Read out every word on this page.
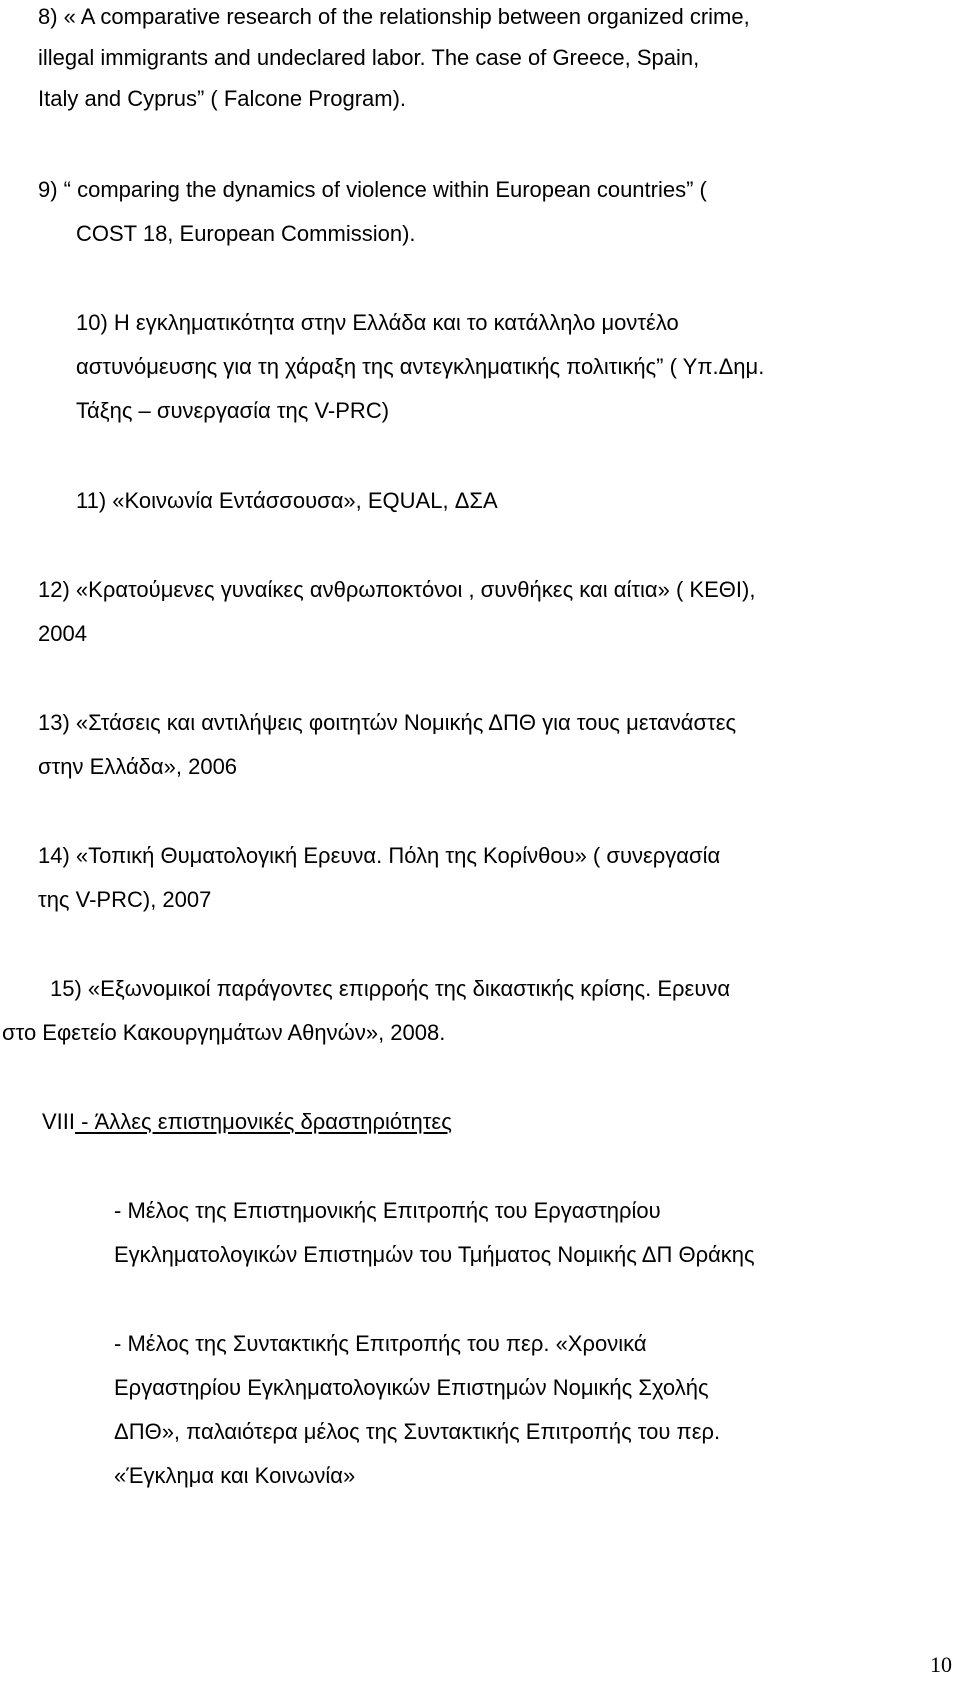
8) « A comparative research of the relationship between organized crime,
illegal immigrants and undeclared labor. The case of Greece, Spain,
Italy and Cyprus” ( Falcone Program).
9) “ comparing the dynamics of violence within European countries” (
COST 18, European Commission).
10) Η εγκληματικότητα στην Ελλάδα και το κατάλληλο μοντέλο
αστυνόμευσης για τη χάραξη της αντεγκληματικής πολιτικής” ( Υπ.Δημ.
Τάξης – συνεργασία της V-PRC)
11) «Κοινωνία Εντάσσουσα», EQUAL, ΔΣΑ
12) «Κρατούμενες γυναίκες ανθρωποκτόνοι , συνθήκες και αίτια» ( ΚΕΘΙ),
2004
13) «Στάσεις και αντιλήψεις φοιτητών Νομικής ΔΠΘ για τους μετανάστες
στην Ελλάδα», 2006
14) «Τοπική Θυματολογική Ερευνα. Πόλη της Κορίνθου» ( συνεργασία
της V-PRC), 2007
15) «Εξωνομικοί παράγοντες επιρροής της δικαστικής κρίσης. Ερευνα
στο Εφετείο Κακουργημάτων Αθηνών», 2008.
VIII - Άλλες επιστημονικές δραστηριότητες
- Μέλος της Επιστημονικής Επιτροπής του Εργαστηρίου
Εγκληματολογικών Επιστημών του Τμήματος Νομικής ΔΠ Θράκης
- Μέλος της Συντακτικής Επιτροπής του περ. «Χρονικά
Εργαστηρίου Εγκληματολογικών Επιστημών Νομικής Σχολής
ΔΠΘ», παλαιότερα μέλος της Συντακτικής Επιτροπής του περ.
«Έγκλημα και Κοινωνία»
10
